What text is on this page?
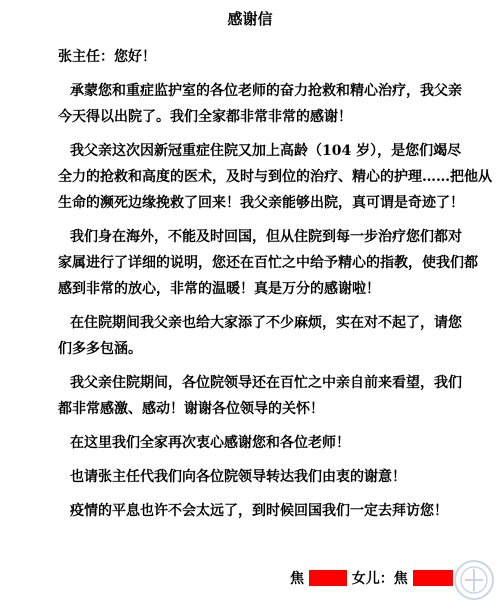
感谢信
张主任：您好！
承蒙您和重症监护室的各位老师的奋力抢救和精心治疗，我父亲
今天得以出院了。我们全家都非常非常的感谢！
我父亲这次因新冠重症住院又加上高龄（104 岁），是您们竭尽
全力的抢救和高度的医术，及时与到位的治疗、精心的护理……把他从
生命的濒死边缘挽救了回来！我父亲能够出院，真可谓是奇迹了！
我们身在海外，不能及时回国，但从住院到每一步治疗您们都对
家属进行了详细的说明，您还在百忙之中给予精心的指教，使我们都
感到非常的放心，非常的温暖！真是万分的感谢啦！
在住院期间我父亲也给大家添了不少麻烦，实在对不起了，请您
们多多包涵。
我父亲住院期间，各位院领导还在百忙之中亲自前来看望，我们
都非常感激、感动！谢谢各位领导的关怀！
在这里我们全家再次衷心感谢您和各位老师！
也请张主任代我们向各位院领导转达我们由衷的谢意！
疫情的平息也许不会太远了，到时候回国我们一定去拜访您！
焦	女儿：焦
